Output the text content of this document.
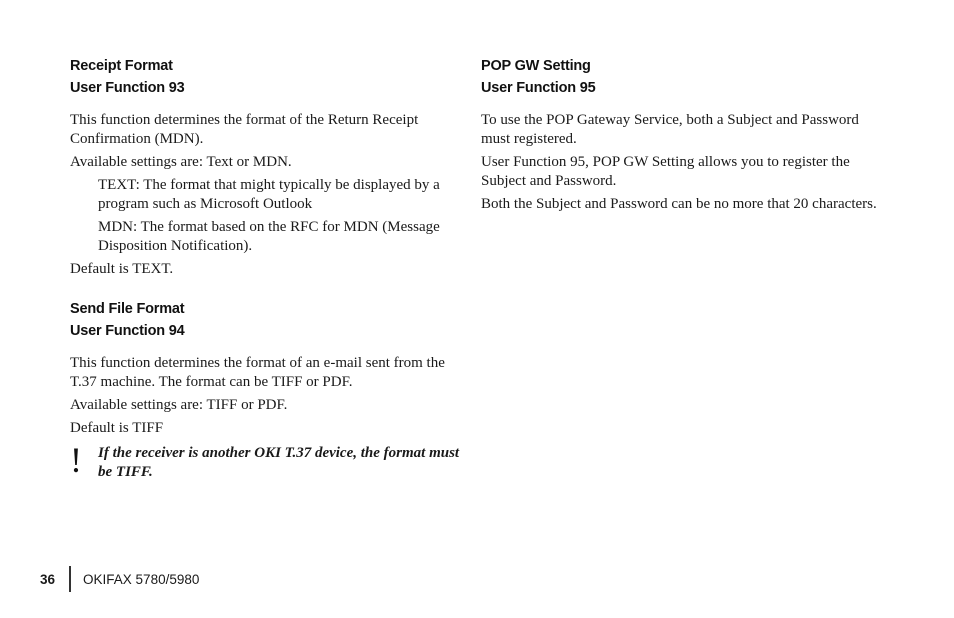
Receipt Format
User Function 93

This function determines the format of the Return Receipt Confirmation (MDN).

Available settings are: Text or MDN.

TEXT: The format that might typically be displayed by a program such as Microsoft Outlook

MDN: The format based on the RFC for MDN (Message Disposition Notification).

Default is TEXT.

Send File Format
User Function 94

This function determines the format of an e-mail sent from the T.37 machine. The format can be TIFF or PDF.

Available settings are: TIFF or PDF.

Default is TIFF

! If the receiver is another OKI T.37 device, the format must be TIFF.
POP GW Setting
User Function 95

To use the POP Gateway Service, both a Subject and Password must registered.

User Function 95, POP GW Setting allows you to register the Subject and Password.

Both the Subject and Password can be no more that 20 characters.

36 OKIFAX 5780/5980
